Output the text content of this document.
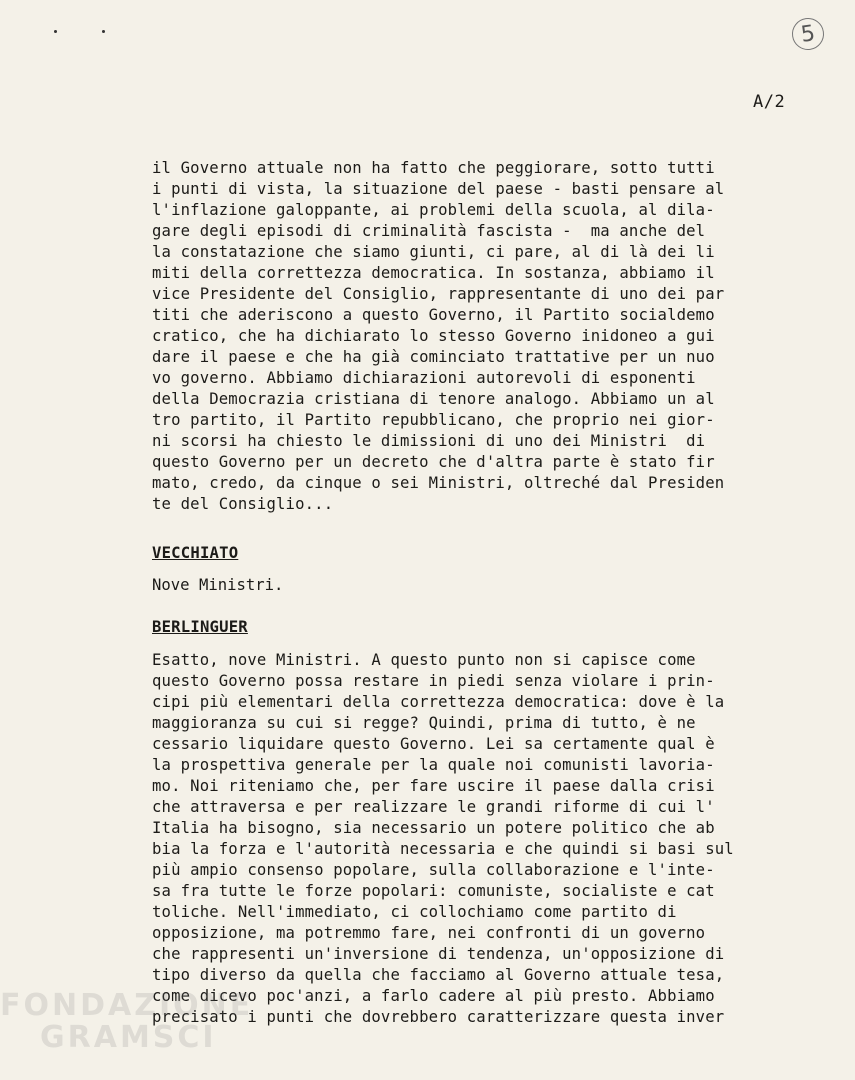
5
A/2
il Governo attuale non ha fatto che peggiorare, sotto tutti
i punti di vista, la situazione del paese - basti pensare al
l'inflazione galoppante, ai problemi della scuola, al dila-
gare degli episodi di criminalità fascista -  ma anche del
la constatazione che siamo giunti, ci pare, al di là dei li
miti della correttezza democratica. In sostanza, abbiamo il
vice Presidente del Consiglio, rappresentante di uno dei par
titi che aderiscono a questo Governo, il Partito socialdemo
cratico, che ha dichiarato lo stesso Governo inidoneo a gui
dare il paese e che ha già cominciato trattative per un nuo
vo governo. Abbiamo dichiarazioni autorevoli di esponenti
della Democrazia cristiana di tenore analogo. Abbiamo un al
tro partito, il Partito repubblicano, che proprio nei gior-
ni scorsi ha chiesto le dimissioni di uno dei Ministri  di
questo Governo per un decreto che d'altra parte è stato fir
mato, credo, da cinque o sei Ministri, oltreché dal Presiden
te del Consiglio...
VECCHIATO
Nove Ministri.
BERLINGUER
Esatto, nove Ministri. A questo punto non si capisce come
questo Governo possa restare in piedi senza violare i prin-
cipi più elementari della correttezza democratica: dove è la
maggioranza su cui si regge? Quindi, prima di tutto, è ne
cessario liquidare questo Governo. Lei sa certamente qual è
la prospettiva generale per la quale noi comunisti lavoria-
mo. Noi riteniamo che, per fare uscire il paese dalla crisi
che attraversa e per realizzare le grandi riforme di cui l'
Italia ha bisogno, sia necessario un potere politico che ab
bia la forza e l'autorità necessaria e che quindi si basi sul
più ampio consenso popolare, sulla collaborazione e l'inte-
sa fra tutte le forze popolari: comuniste, socialiste e cat
toliche. Nell'immediato, ci collochiamo come partito di
opposizione, ma potremmo fare, nei confronti di un governo
che rappresenti un'inversione di tendenza, un'opposizione di
tipo diverso da quella che facciamo al Governo attuale tesa,
come dicevo poc'anzi, a farlo cadere al più presto. Abbiamo
precisato i punti che dovrebbero caratterizzare questa inver
FONDAZIONE
GRAMSCI
